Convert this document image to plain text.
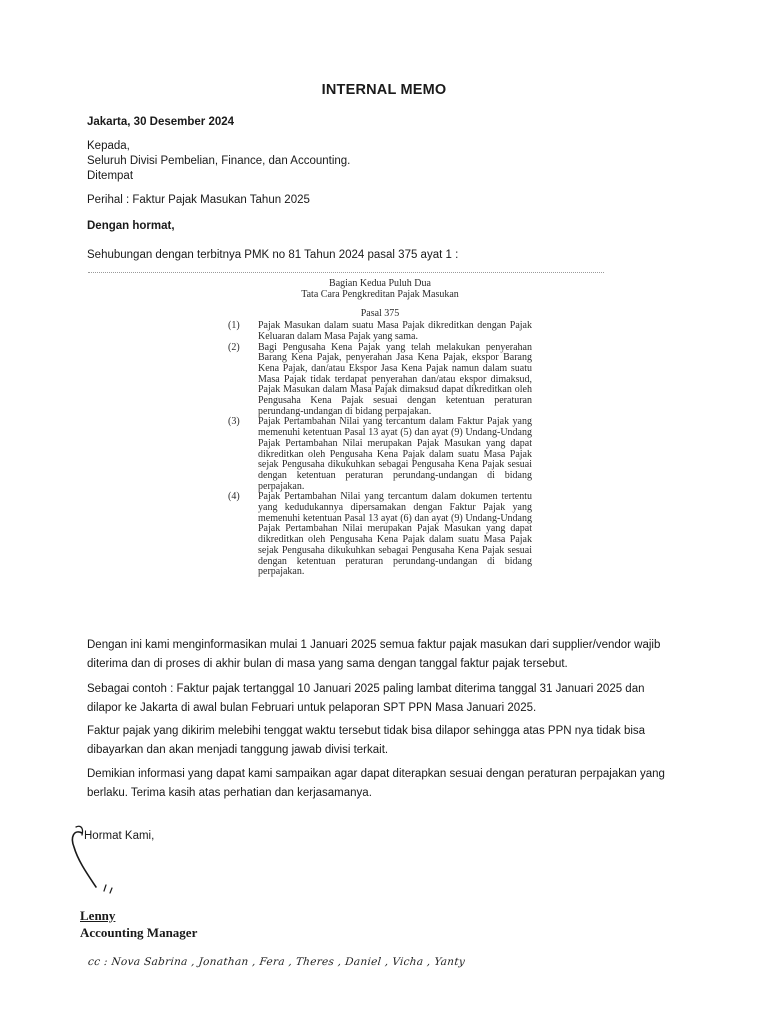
INTERNAL MEMO
Jakarta, 30 Desember 2024
Kepada,
Seluruh Divisi Pembelian, Finance, dan Accounting.
Ditempat
Perihal : Faktur Pajak Masukan Tahun 2025
Dengan hormat,
Sehubungan dengan terbitnya PMK no 81 Tahun 2024 pasal 375 ayat 1 :
Bagian Kedua Puluh Dua
Tata Cara Pengkreditan Pajak Masukan
Pasal 375
(1) Pajak Masukan dalam suatu Masa Pajak dikreditkan dengan Pajak Keluaran dalam Masa Pajak yang sama.
(2) Bagi Pengusaha Kena Pajak yang telah melakukan penyerahan Barang Kena Pajak, penyerahan Jasa Kena Pajak, ekspor Barang Kena Pajak, dan/atau Ekspor Jasa Kena Pajak namun dalam suatu Masa Pajak tidak terdapat penyerahan dan/atau ekspor dimaksud, Pajak Masukan dalam Masa Pajak dimaksud dapat dikreditkan oleh Pengusaha Kena Pajak sesuai dengan ketentuan peraturan perundang-undangan di bidang perpajakan.
(3) Pajak Pertambahan Nilai yang tercantum dalam Faktur Pajak yang memenuhi ketentuan Pasal 13 ayat (5) dan ayat (9) Undang-Undang Pajak Pertambahan Nilai merupakan Pajak Masukan yang dapat dikreditkan oleh Pengusaha Kena Pajak dalam suatu Masa Pajak sejak Pengusaha dikukuhkan sebagai Pengusaha Kena Pajak sesuai dengan ketentuan peraturan perundang-undangan di bidang perpajakan.
(4) Pajak Pertambahan Nilai yang tercantum dalam dokumen tertentu yang kedudukannya dipersamakan dengan Faktur Pajak yang memenuhi ketentuan Pasal 13 ayat (6) dan ayat (9) Undang-Undang Pajak Pertambahan Nilai merupakan Pajak Masukan yang dapat dikreditkan oleh Pengusaha Kena Pajak dalam suatu Masa Pajak sejak Pengusaha dikukuhkan sebagai Pengusaha Kena Pajak sesuai dengan ketentuan peraturan perundang-undangan di bidang perpajakan.
Dengan ini kami menginformasikan mulai 1 Januari 2025 semua faktur pajak masukan dari supplier/vendor wajib diterima dan di proses di akhir bulan di masa yang sama dengan tanggal faktur pajak tersebut.
Sebagai contoh : Faktur pajak tertanggal 10 Januari 2025 paling lambat diterima tanggal 31 Januari 2025 dan dilapor ke Jakarta di awal bulan Februari untuk pelaporan SPT PPN Masa Januari 2025.
Faktur pajak yang dikirim melebihi tenggat waktu tersebut tidak bisa dilapor sehingga atas PPN nya tidak bisa dibayarkan dan akan menjadi tanggung jawab divisi terkait.
Demikian informasi yang dapat kami sampaikan agar dapat diterapkan sesuai dengan peraturan perpajakan yang berlaku. Terima kasih atas perhatian dan kerjasamanya.
Hormat Kami,
Lenny
Accounting Manager
cc : Nova Sabrina , Jonathan , Fera , Theres , Daniel , Vicha , Yanty
